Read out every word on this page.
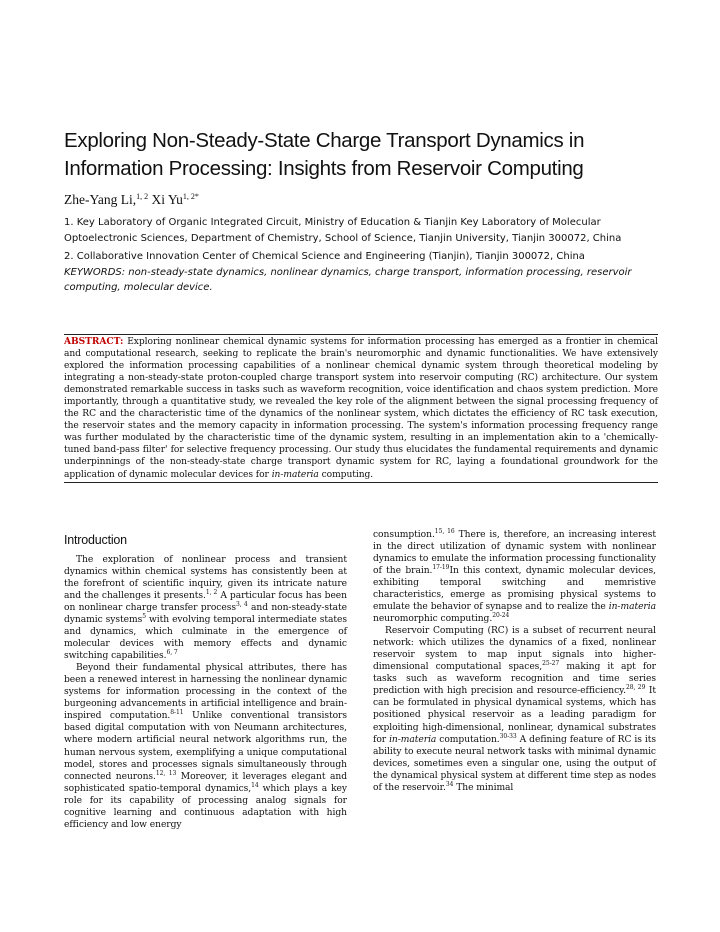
Exploring Non-Steady-State Charge Transport Dynamics in
Information Processing: Insights from Reservoir Computing
Zhe-Yang Li,$^{1, 2}$ Xi $Yu^{1, 2*}$
1. Key Laboratory of Organic Integrated Circuit, Ministry of Education & Tianjin Key Laboratory of Molecular
Optoelectronic Sciences, Department of Chemistry, School of Science, Tianjin University, Tianjin 300072, China
2. Collaborative Innovation Center of Chemical Science and Engineering (Tianjin), Tianjin 300072, China
KEYWORDS: non-steady-state dynamics, nonlinear dynamics, charge transport, information processing, reservoir
computing, molecular device.
ABSTRACT: Exploring nonlinear chemical dynamic systems for information processing has emerged as a frontier in chemical and computational research, seeking to replicate the brain's neuromorphic and dynamic functionalities. We have extensively explored the information processing capabilities of a nonlinear chemical dynamic system through theoretical modeling by integrating a non-steady-state proton-coupled charge transport system into reservoir computing (RC) architecture. Our system demonstrated remarkable success in tasks such as waveform recognition, voice identification and chaos system prediction. More importantly, through a quantitative study, we revealed the key role of the alignment between the signal processing frequency of the RC and the characteristic time of the dynamics of the nonlinear system, which dictates the efficiency of RC task execution, the reservoir states and the memory capacity in information processing. The system's information processing frequency range was further modulated by the characteristic time of the dynamic system, resulting in an implementation akin to a 'chemically-tuned band-pass filter' for selective frequency processing. Our study thus elucidates the fundamental requirements and dynamic underpinnings of the non-steady-state charge transport dynamic system for RC, laying a foundational groundwork for the application of dynamic molecular devices for in-materia computing.
Introduction

The exploration of nonlinear process and transient dynamics within chemical systems has consistently been at the forefront of scientific inquiry, given its intricate nature and the challenges it presents.$^{1, 2}$ A particular focus has been on nonlinear charge transfer process$^{3, 4}$ and non-steady-state dynamic systems$^5$ with evolving temporal intermediate states and dynamics, which culminate in the emergence of molecular devices with memory effects and dynamic switching capabilities.$^{6, 7}$

Beyond their fundamental physical attributes, there has been a renewed interest in harnessing the nonlinear dynamic systems for information processing in the context of the burgeoning advancements in artificial intelligence and brain-inspired computation.$^{8-11}$ Unlike conventional transistors based digital computation with von Neumann architectures, where modern artificial neural network algorithms run, the human nervous system, exemplifying a unique computational model, stores and processes signals simultaneously through connected neurons.$^{12, 13}$ Moreover, it leverages elegant and sophisticated spatio-temporal dynamics,$^{14}$ which plays a key role for its capability of processing analog signals for cognitive learning and continuous adaptation with high efficiency and low energy

consumption.$^{15, 16}$ There is, therefore, an increasing interest in the direct utilization of dynamic system with nonlinear dynamics to emulate the information processing functionality of the brain.$^{17-19}$In this context, dynamic molecular devices, exhibiting temporal switching and memristive characteristics, emerge as promising physical systems to emulate the behavior of synapse and to realize the in-materia neuromorphic computing.$^{20-24}$

Reservoir Computing (RC) is a subset of recurrent neural network: which utilizes the dynamics of a fixed, nonlinear reservoir system to map input signals into higher-dimensional computational spaces,$^{25-27}$ making it apt for tasks such as waveform recognition and time series prediction with high precision and resource-efficiency.$^{28, 29}$ It can be formulated in physical dynamical systems, which has positioned physical reservoir as a leading paradigm for exploiting high-dimensional, nonlinear, dynamical substrates for in-materia computation.$^{30-33}$ A defining feature of RC is its ability to execute neural network tasks with minimal dynamic devices, sometimes even a singular one, using the output of the dynamical physical system at different time step as nodes of the reservoir.$^{34}$ The minimal
